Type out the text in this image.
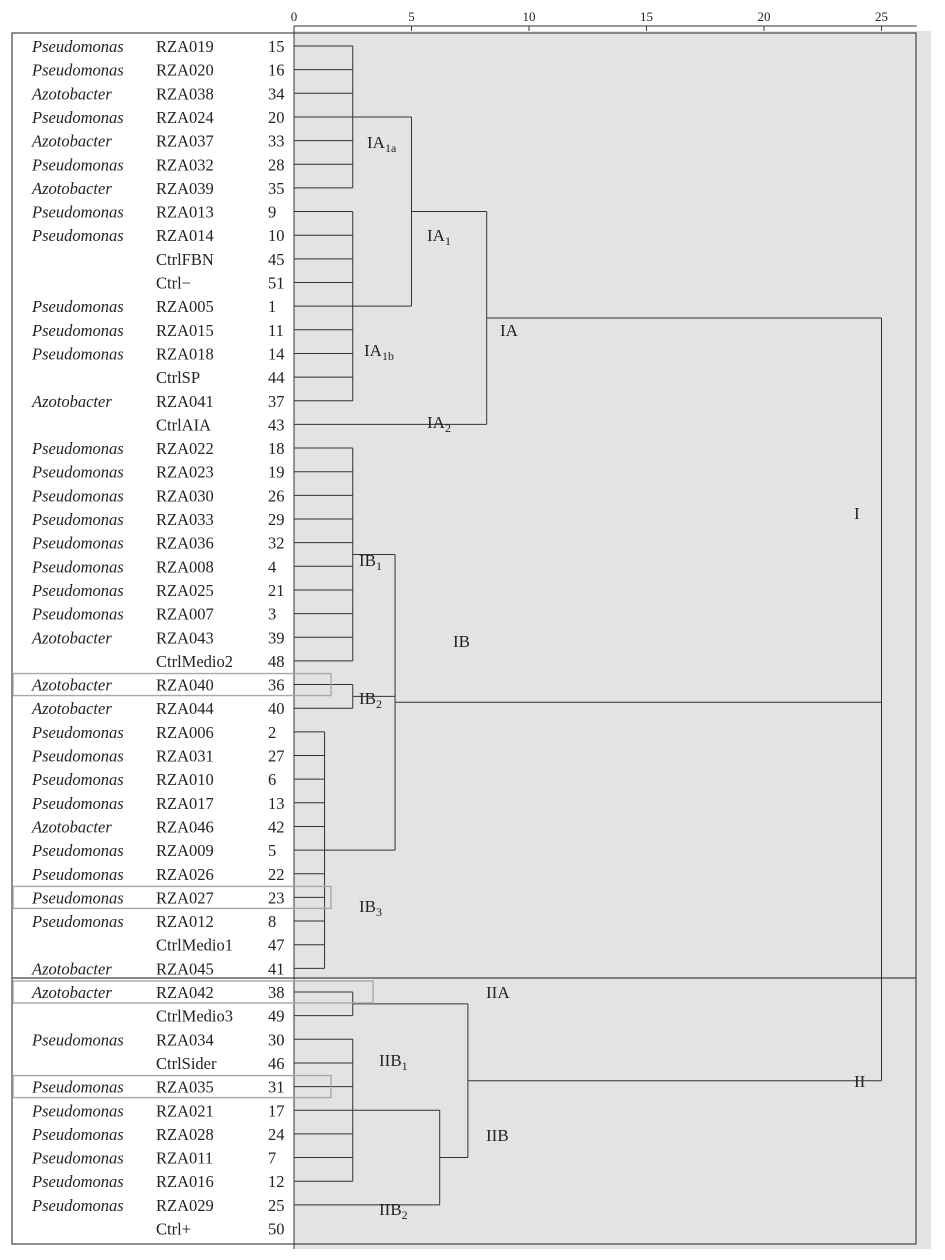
0	5	10	15	20	25
Pseudomonas RZA019	15
Pseudomonas RZA020	16
Azotobacter	RZA038	34
Pseudomonas RZA024	20
Azotobacter	RZA037	33
Pseudomonas RZA032	28
Azotobacter	RZA039	35
Pseudomonas RZA013	9
Pseudomonas RZA014	10
CtrlFBN	45
Ctrl−	51
Pseudomonas RZA005	1
Pseudomonas RZA015	11
Pseudomonas RZA018	14
CtrlSP	44
Azotobacter	RZA041	37
CtrlAIA	43
Pseudomonas RZA022	18
Pseudomonas RZA023	19
Pseudomonas RZA030	26
Pseudomonas RZA033	29
Pseudomonas RZA036	32
Pseudomonas RZA008	4
Pseudomonas RZA025	21
Pseudomonas RZA007	3
Azotobacter	RZA043	39
CtrlMedio2 48
Azotobacter	RZA040	36
Azotobacter	RZA044	40
Pseudomonas RZA006	2
Pseudomonas RZA031	27
Pseudomonas RZA010	6
Pseudomonas RZA017	13
Azotobacter	RZA046	42
Pseudomonas RZA009	5
Pseudomonas RZA026	22
Pseudomonas RZA027	23
Pseudomonas RZA012	8
CtrlMedio1 47
Azotobacter	RZA045	41
Azotobacter	RZA042	38
CtrlMedio3 49
Pseudomonas RZA034	30
CtrlSider	46
Pseudomonas RZA035	31
Pseudomonas RZA021	17
Pseudomonas RZA028	24
Pseudomonas RZA011	7
Pseudomonas RZA016	12
Pseudomonas RZA029	25
Ctrl+	50
$IA_{1a}$
$IA_{1b}$
$IA_1$
$IA_2$
IA
$IB_1$
$IB_2$
$IB_3$
IB
I
IIA
$IIB_1$
$IIB_2$
IIB
II
